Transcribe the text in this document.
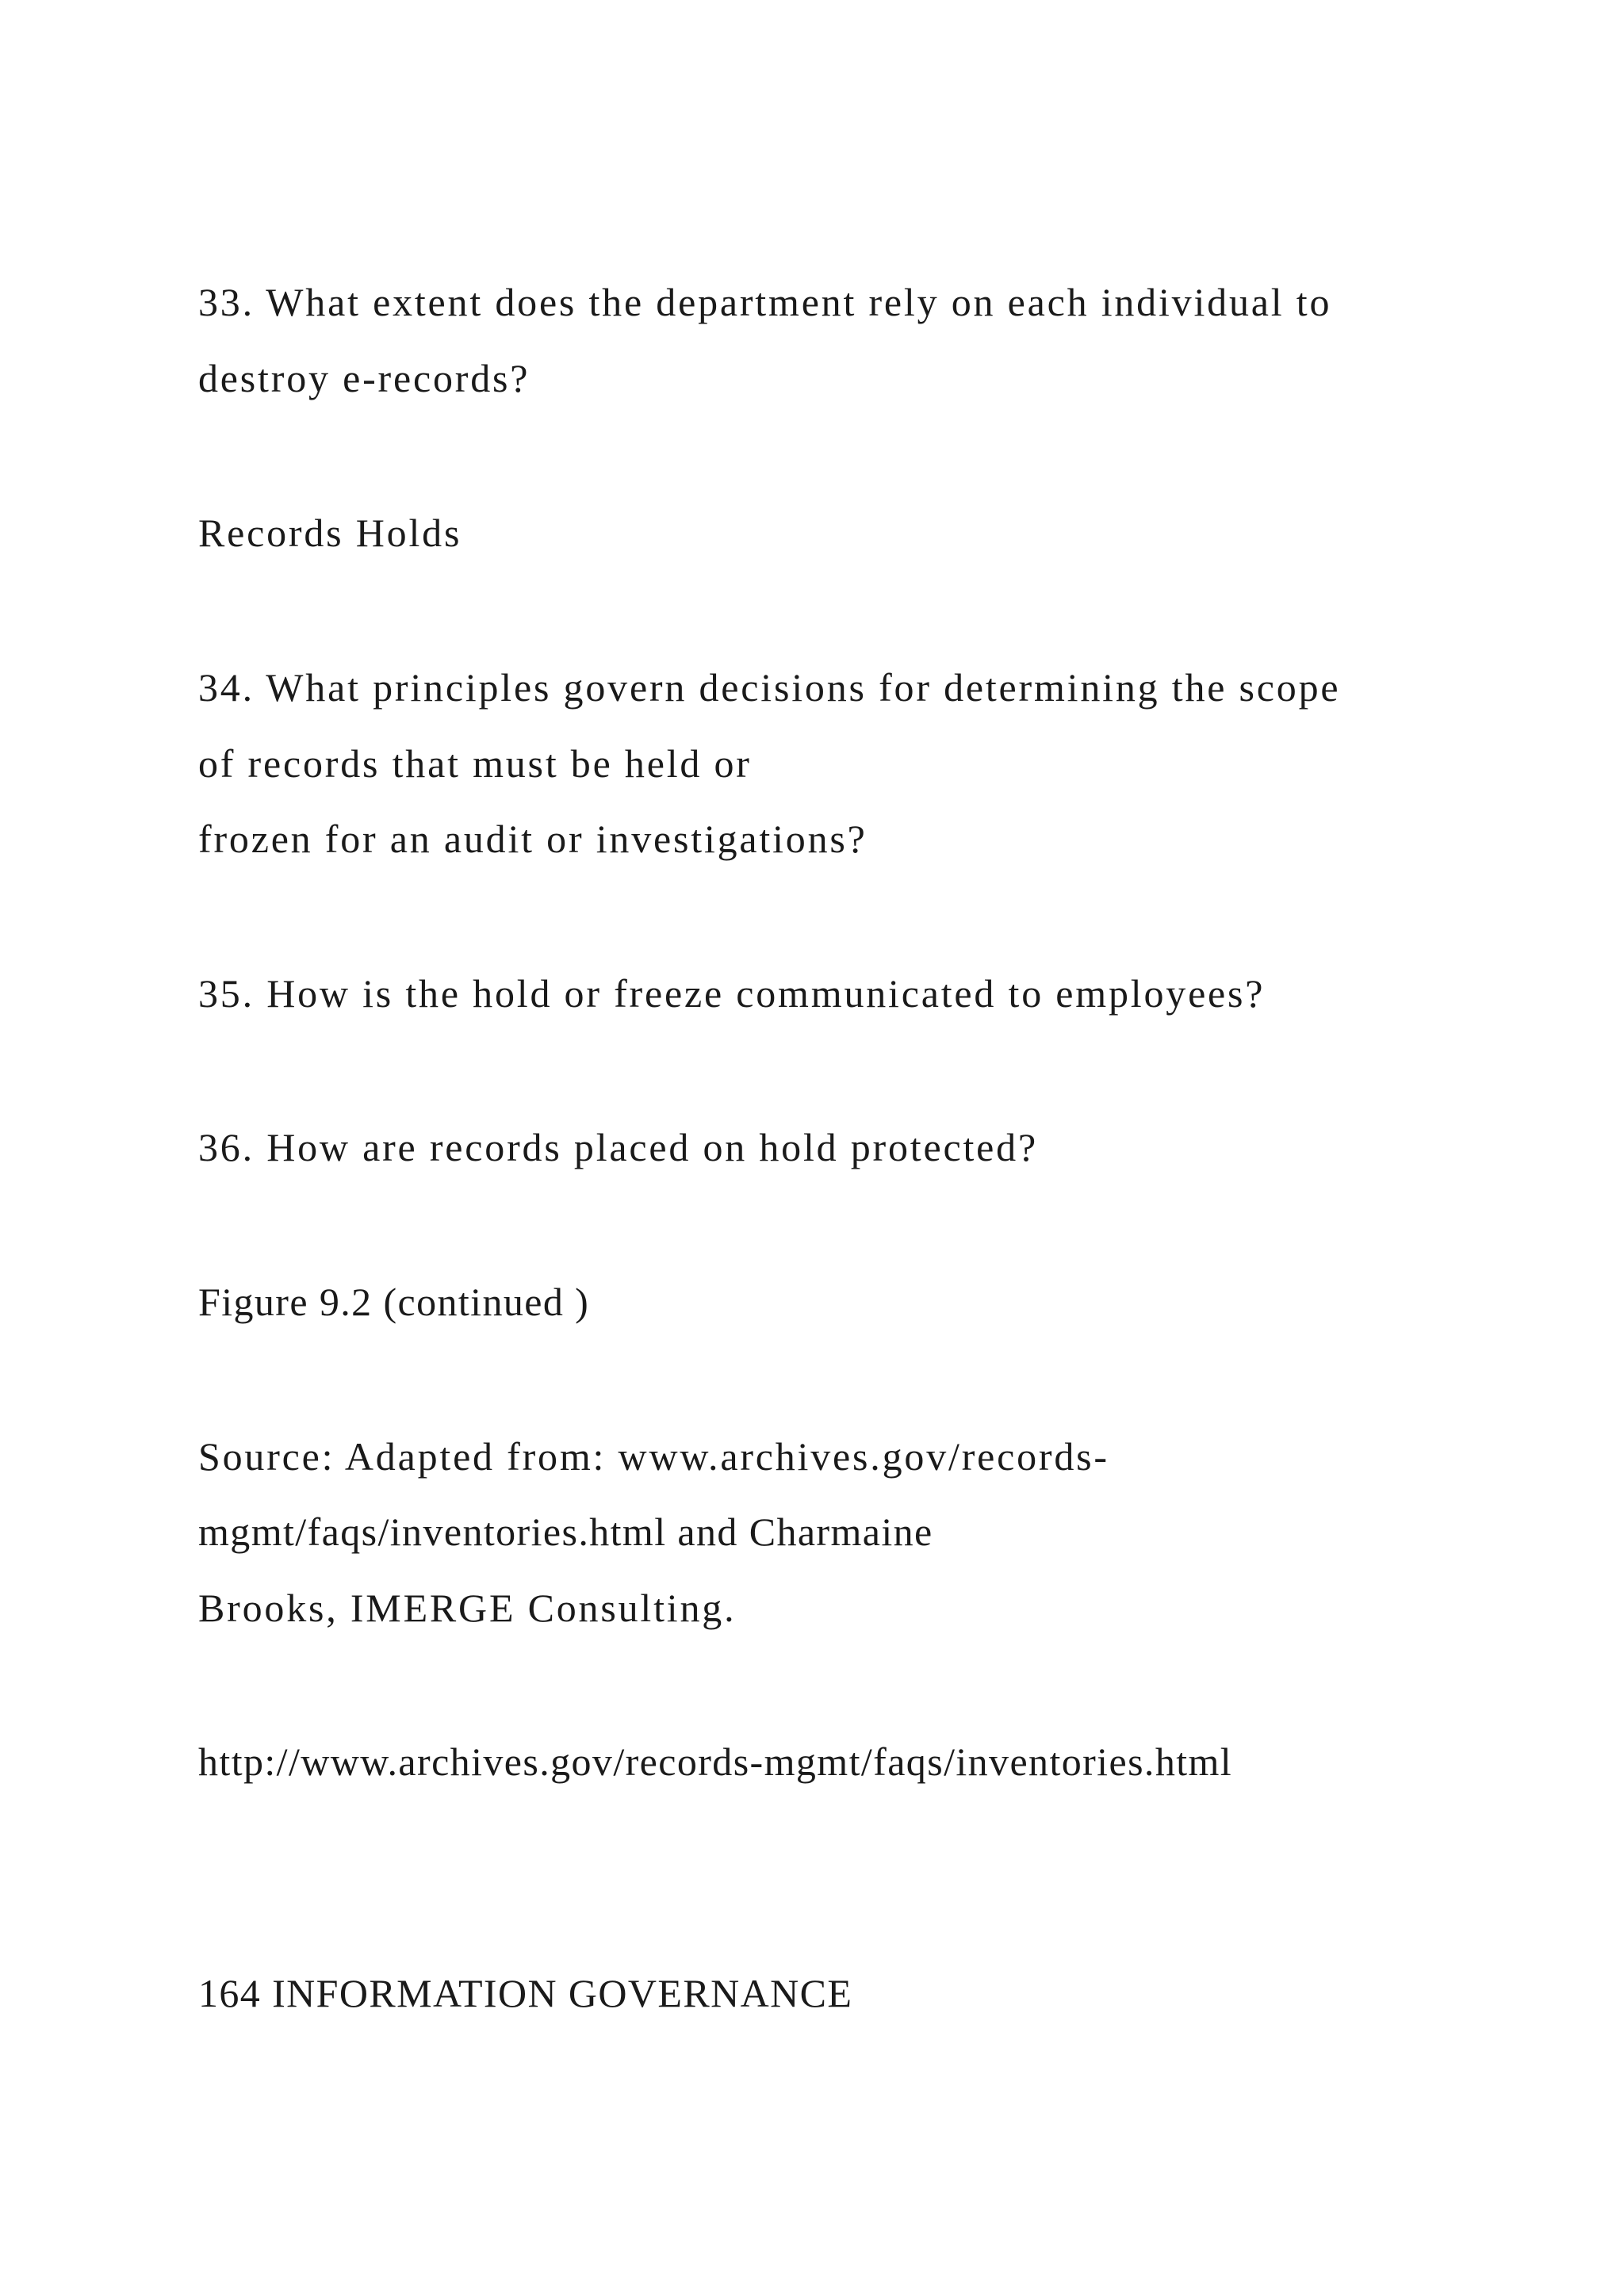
33. What extent does the department rely on each individual to
destroy e-records?
Records Holds
34. What principles govern decisions for determining the scope
of records that must be held or
frozen for an audit or investigations?
35. How is the hold or freeze communicated to employees?
36. How are records placed on hold protected?
Figure 9.2 (continued )
Source: Adapted from: www.archives.gov/records-
mgmt/faqs/inventories.html and Charmaine
Brooks, IMERGE Consulting.
http://www.archives.gov/records-mgmt/faqs/inventories.html
164 INFORMATION GOVERNANCE
